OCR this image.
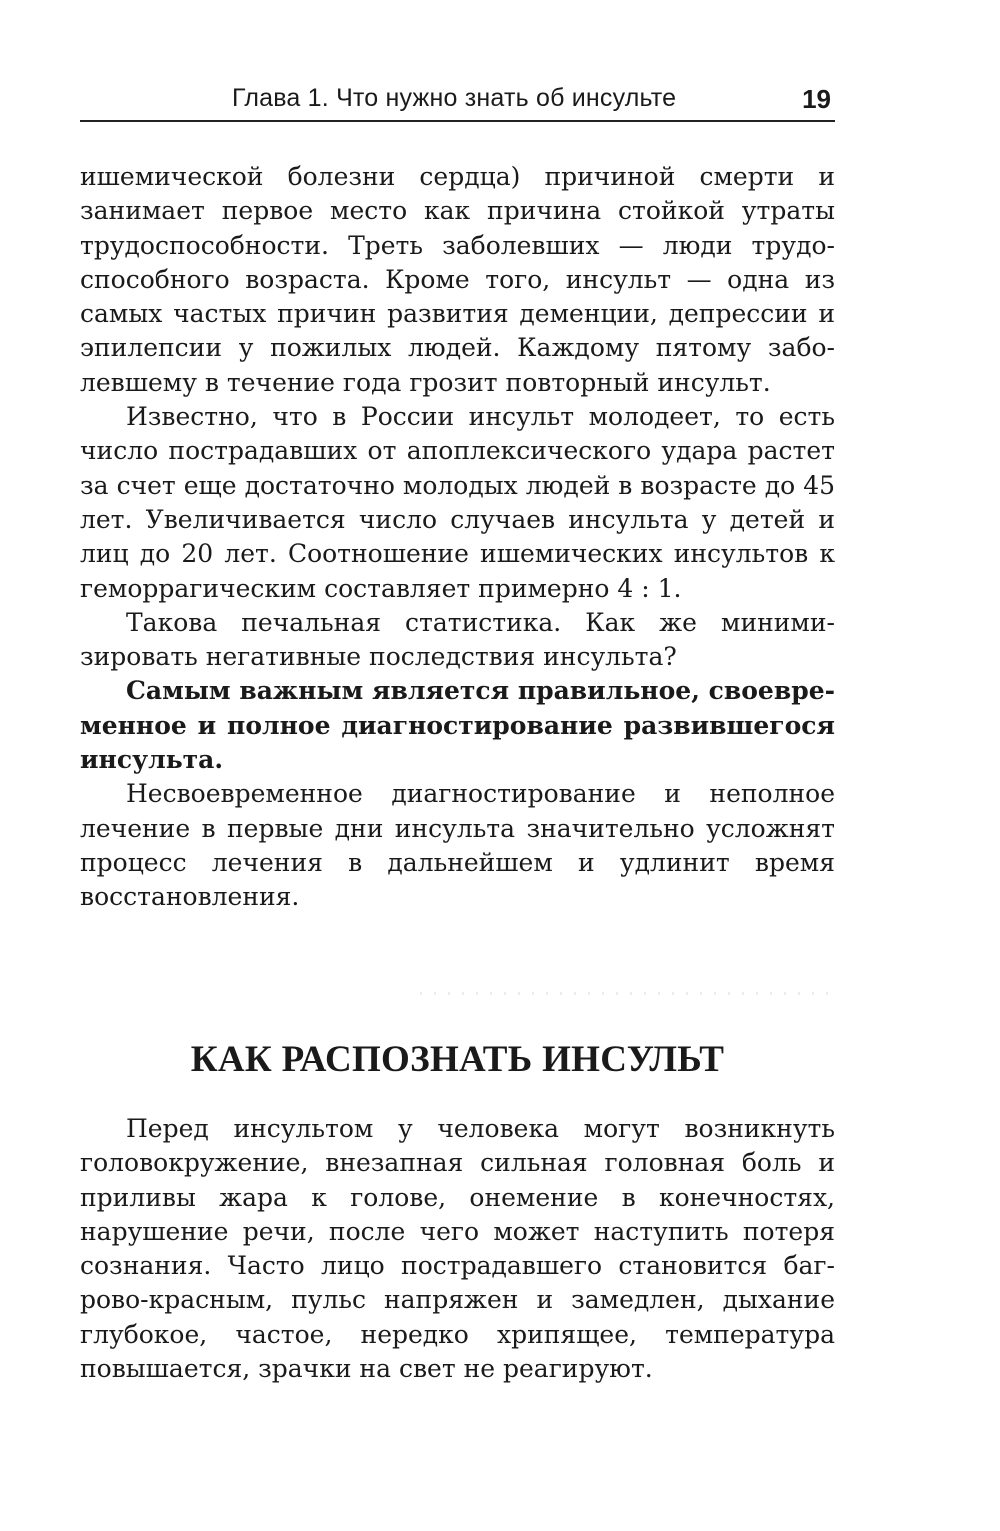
Глава 1. Что нужно знать об инсульте	19

ишемической болезни сердца) причиной смерти и занимает первое место как причина стойкой утраты трудоспособности. Треть заболевших — люди трудоспособного возраста. Кроме того, инсульт — одна из самых частых причин развития деменции, депрессии и эпилепсии у пожилых людей. Каждому пятому заболевшему в течение года грозит повторный инсульт.

Известно, что в России инсульт молодеет, то есть число пострадавших от апоплексического удара растет за счет еще достаточно молодых людей в возрасте до 45 лет. Увеличивается число случаев инсульта у детей и лиц до 20 лет. Соотношение ишемических инсультов к геморрагическим составляет примерно 4 : 1.

Такова печальная статистика. Как же минимизировать негативные последствия инсульта?

Самым важным является правильное, своевременное и полное диагностирование развившегося инсульта.

Несвоевременное диагностирование и неполное лечение в первые дни инсульта значительно усложнят процесс лечения в дальнейшем и удлинит время восстановления.

КАК РАСПОЗНАТЬ ИНСУЛЬТ

Перед инсультом у человека могут возникнуть головокружение, внезапная сильная головная боль и приливы жара к голове, онемение в конечностях, нарушение речи, после чего может наступить потеря сознания. Часто лицо пострадавшего становится багрово-красным, пульс напряжен и замедлен, дыхание глубокое, частое, нередко хрипящее, температура повышается, зрачки на свет не реагируют.
